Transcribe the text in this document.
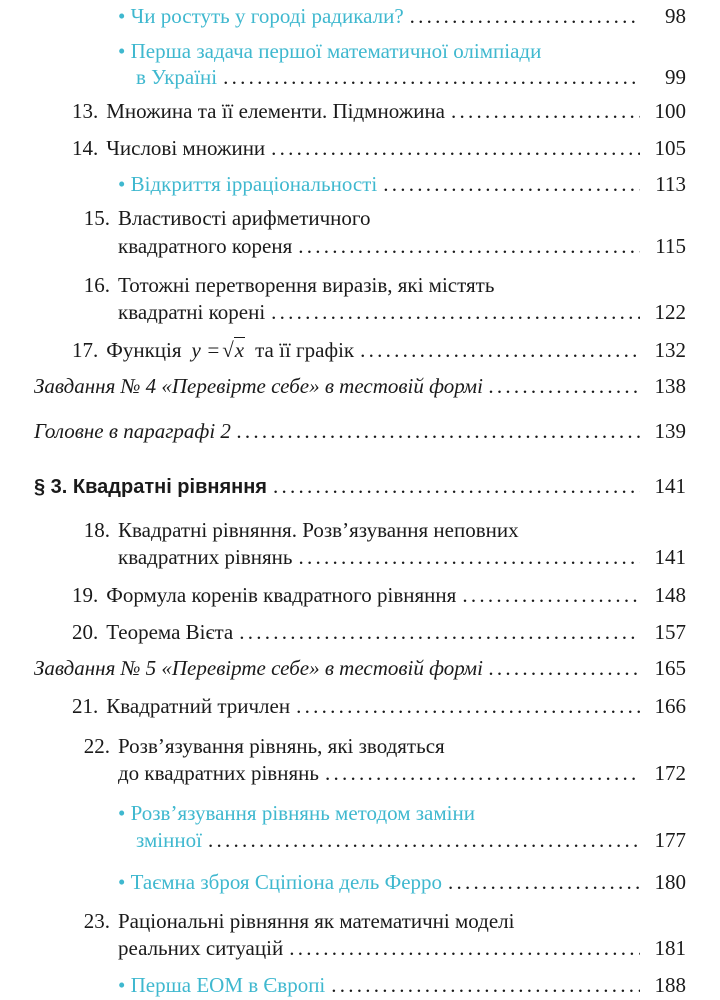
• Чи ростуть у городі радикали? . . .	98
• Перша задача першої математичної олімпіади
в Україні . . .	99
13. Множина та її елементи. Підмножина . . .	100
14. Числові множини . . .	105
• Відкриття ірраціональності . . .	113
15. Властивості арифметичного
квадратного кореня . . .	115
16. Тотожні перетворення виразів, які містять
квадратні корені . . .	122
17. Функція y = √x та її графік . . .	132
Завдання № 4 «Перевірте себе» в тестовій формі . . .	138
Головне в параграфі 2 . . .	139
§ 3. Квадратні рівняння . . .	141
18. Квадратні рівняння. Розв’язування неповних
квадратних рівнянь . . .	141
19. Формула коренів квадратного рівняння . . .	148
20. Теорема Вієта . . .	157
Завдання № 5 «Перевірте себе» в тестовій формі . . .	165
21. Квадратний тричлен . . .	166
22. Розв’язування рівнянь, які зводяться
до квадратних рівнянь . . .	172
• Розв’язування рівнянь методом заміни
змінної . . .	177
• Таємна зброя Сціпіона дель Ферро . . .	180
23. Раціональні рівняння як математичні моделі
реальних ситуацій . . .	181
• Перша ЕОМ в Європі . . .	188
